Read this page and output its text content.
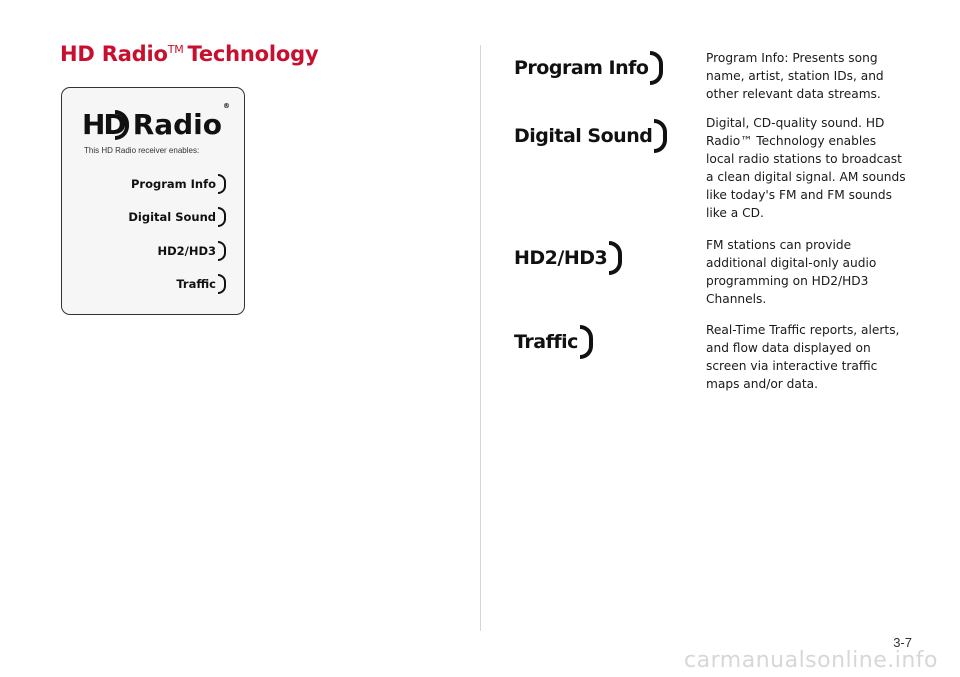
HD Radio™ Technology
HD Radio®
This HD Radio receiver enables:
Program Info
Digital Sound
HD2/HD3
Traffic
Program Info	Program Info: Presents song name, artist, station IDs, and other relevant data streams.

Digital Sound

Digital, CD-quality sound. HD Radio™ Technology enables local radio stations to broadcast a clean digital signal. AM sounds like today's FM and FM sounds like a CD.

HD2/HD3

FM stations can provide additional digital-only audio programming on HD2/HD3 Channels.

Traffic

Real-Time Traffic reports, alerts, and flow data displayed on screen via interactive traffic maps and/or data.

3-7
carmanualsonline.info
